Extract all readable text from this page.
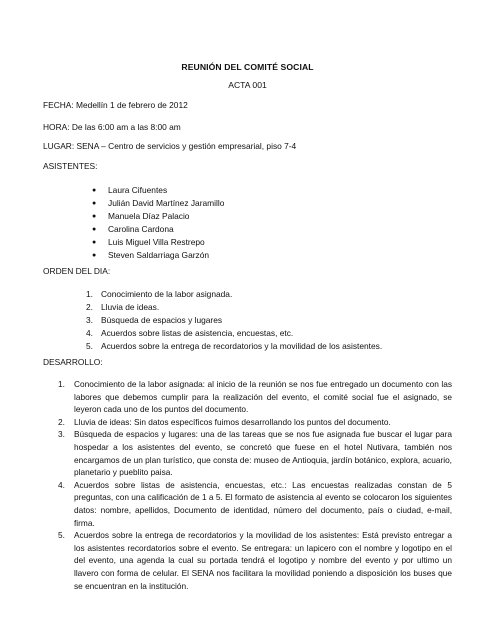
REUNIÓN DEL COMITÉ SOCIAL
ACTA 001
FECHA: Medellín 1 de febrero de 2012
HORA: De las 6:00 am a las 8:00 am
LUGAR: SENA – Centro de servicios y gestión empresarial, piso 7-4
ASISTENTES:
●	Laura Cifuentes
●	Julián David Martínez Jaramillo
●	Manuela Díaz Palacio
●	Carolina Cardona
●	Luis Miguel Villa Restrepo
●	Steven Saldarriaga Garzón
ORDEN DEL DIA:
1. Conocimiento de la labor asignada.
2. Lluvia de ideas.
3. Búsqueda de espacios y lugares
4. Acuerdos sobre listas de asistencia, encuestas, etc.
5. Acuerdos sobre la entrega de recordatorios y la movilidad de los asistentes.
DESARROLLO:
1.	Conocimiento de la labor asignada: al inicio de la reunión se nos fue entregado un documento con las labores que debemos cumplir para la realización del evento, el comité social fue el asignado, se leyeron cada uno de los puntos del documento.
2.	Lluvia de ideas: Sin datos específicos fuimos desarrollando los puntos del documento.
3.	Búsqueda de espacios y lugares: una de las tareas que se nos fue asignada fue buscar el lugar para hospedar a los asistentes del evento, se concretó que fuese en el hotel Nutivara, también nos encargamos de un plan turístico, que consta de: museo de Antioquia, jardín botánico, explora, acuario, planetario y pueblito paisa.
4.	Acuerdos sobre listas de asistencia, encuestas, etc.: Las encuestas realizadas constan de 5 preguntas, con una calificación de 1 a 5. El formato de asistencia al evento se colocaron los siguientes datos: nombre, apellidos, Documento de identidad, número del documento, país o ciudad, e-mail, firma.
5.	Acuerdos sobre la entrega de recordatorios y la movilidad de los asistentes: Está previsto entregar a los asistentes recordatorios sobre el evento. Se entregara: un lapicero con el nombre y logotipo en el del evento, una agenda la cual su portada tendrá el logotipo y nombre del evento y por ultimo un llavero con forma de celular. El SENA nos facilitara la movilidad poniendo a disposición los buses que se encuentran en la institución.
